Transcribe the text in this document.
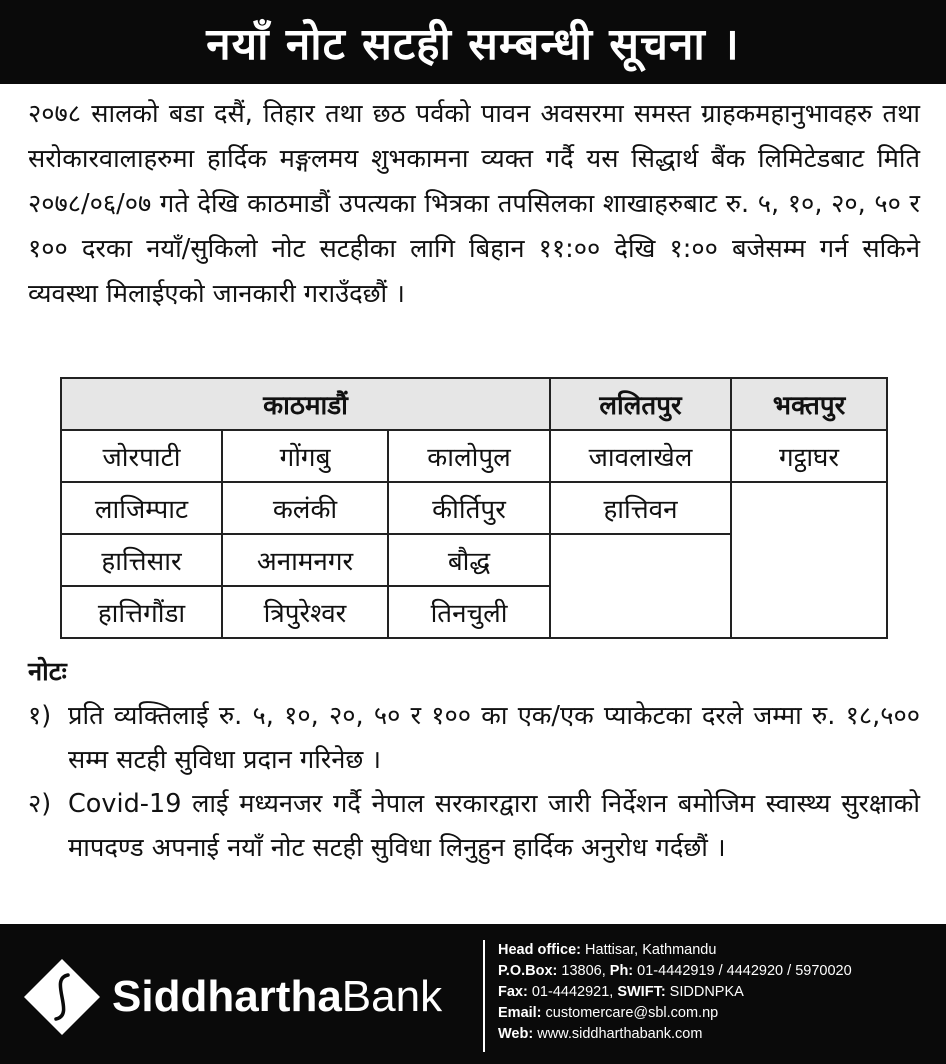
नयाँ नोट सटही सम्बन्धी सूचना ।
२०७८ सालको बडा दसैं, तिहार तथा छठ पर्वको पावन अवसरमा समस्त ग्राहकमहानुभावहरु तथा सरोकारवालाहरुमा हार्दिक मङ्गलमय शुभकामना व्यक्त गर्दै यस सिद्धार्थ बैंक लिमिटेडबाट मिति २०७८/०६/०७ गते देखि काठमाडौं उपत्यका भित्रका तपसिलका शाखाहरुबाट रु. ५, १०, २०, ५० र १०० दरका नयाँ/सुकिलो नोट सटहीका लागि बिहान ११:०० देखि १:०० बजेसम्म गर्न सकिने व्यवस्था मिलाईएको जानकारी गराउँदछौं ।
काठमाडौं			ललितपुर	भक्तपुर
जोरपाटी	गोंगबु	कालोपुल	जावलाखेल	गट्ठाघर
लाजिम्पाट	कलंकी	कीर्तिपुर	हात्तिवन	
हात्तिसार	अनामनगर	बौद्ध		
हात्तिगौंडा	त्रिपुरेश्वर	तिनचुली		
नोटः
१) प्रति व्यक्तिलाई रु. ५, १०, २०, ५० र १०० का एक/एक प्याकेटका दरले जम्मा रु. १८,५०० सम्म सटही सुविधा प्रदान गरिनेछ ।
२) Covid-19 लाई मध्यनजर गर्दै नेपाल सरकारद्वारा जारी निर्देशन बमोजिम स्वास्थ्य सुरक्षाको मापदण्ड अपनाई नयाँ नोट सटही सुविधा लिनुहुन हार्दिक अनुरोध गर्दछौं ।
SiddharthaBank
Head office: Hattisar, Kathmandu
P.O.Box: 13806, Ph: 01-4442919 / 4442920 / 5970020
Fax: 01-4442921, SWIFT: SIDDNPKA
Email: customercare@sbl.com.np
Web: www.siddharthabank.com
